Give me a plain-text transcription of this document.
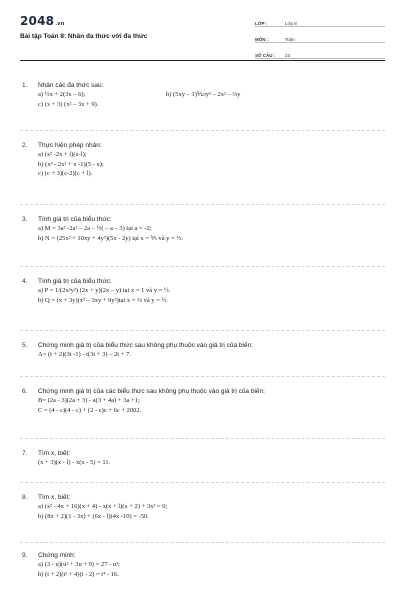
2048.vn
Bài tập Toán 8: Nhân đa thức với đa thức
LỚP :	Lớp 8
MÔN :	Toán
SỐ CÂU :	23
1.	Nhân các đa thức sau:
a) ½x + 2(3x – 6);	b) (5xy – 1)⅒y³ – 2x² – ⅔y
c) (x + 3) (x² – 3x + 9).
2.	Thực hiện phép nhân:
a) (x² -2x + l)(x-l);
b) (x³ - 2x² + x -1)(5 - x);
c) (c + 3)(c-2)(c + l).
3.	Tính giá trị của biểu thức:
a) M = 3a² -2a² – 2a – ½( – a – 3) tại a = -2;
b) N = (25x² + 10xy + 4y²)(5x - 2y) tại x = ⅕ và y = ½.
4.	Tính giá trị của biểu thức:
a) P = 1/(2x²y²) (2x + y)(2x – y) tại x = 1 và y = ½.
b) Q = (x + 3y)(x² – 3xy + 9y²)tại x = ⅓ và y = ½.
5.	Chứng minh giá trị của biểu thức sau không phụ thuộc vào giá trị của biến:
A= (t + 2)(3t -1) - t(3t + 3) – 2t + 7.
6.	Chứng minh giá trị của các biểu thức sau không phụ thuộc vào giá trị của biến:
B= (2a - 3)(2a + 3) - a(3 + 4a) + 3a +1;
C = (4 - c)(4 - c) + (2 - c)c + 6c + 2002.
7.	Tìm x, biết:
(x + 3)(x - l) - x(x - 5) = 11.
8.	Tìm x, biết:
a) (x² - 4x + 16)(x + 4) - x(x + l)(x + 2) + 3x² = 0;
b) (8x + 2)(1 - 3x) + (6x - l)(4x -10) = -50.
9.	Chứng minh:
a) (3 - u)(u² + 3u + 9) = 27 - u³;
b) (t + 2)(t² + 4)(t - 2) = t⁴ - 16.
